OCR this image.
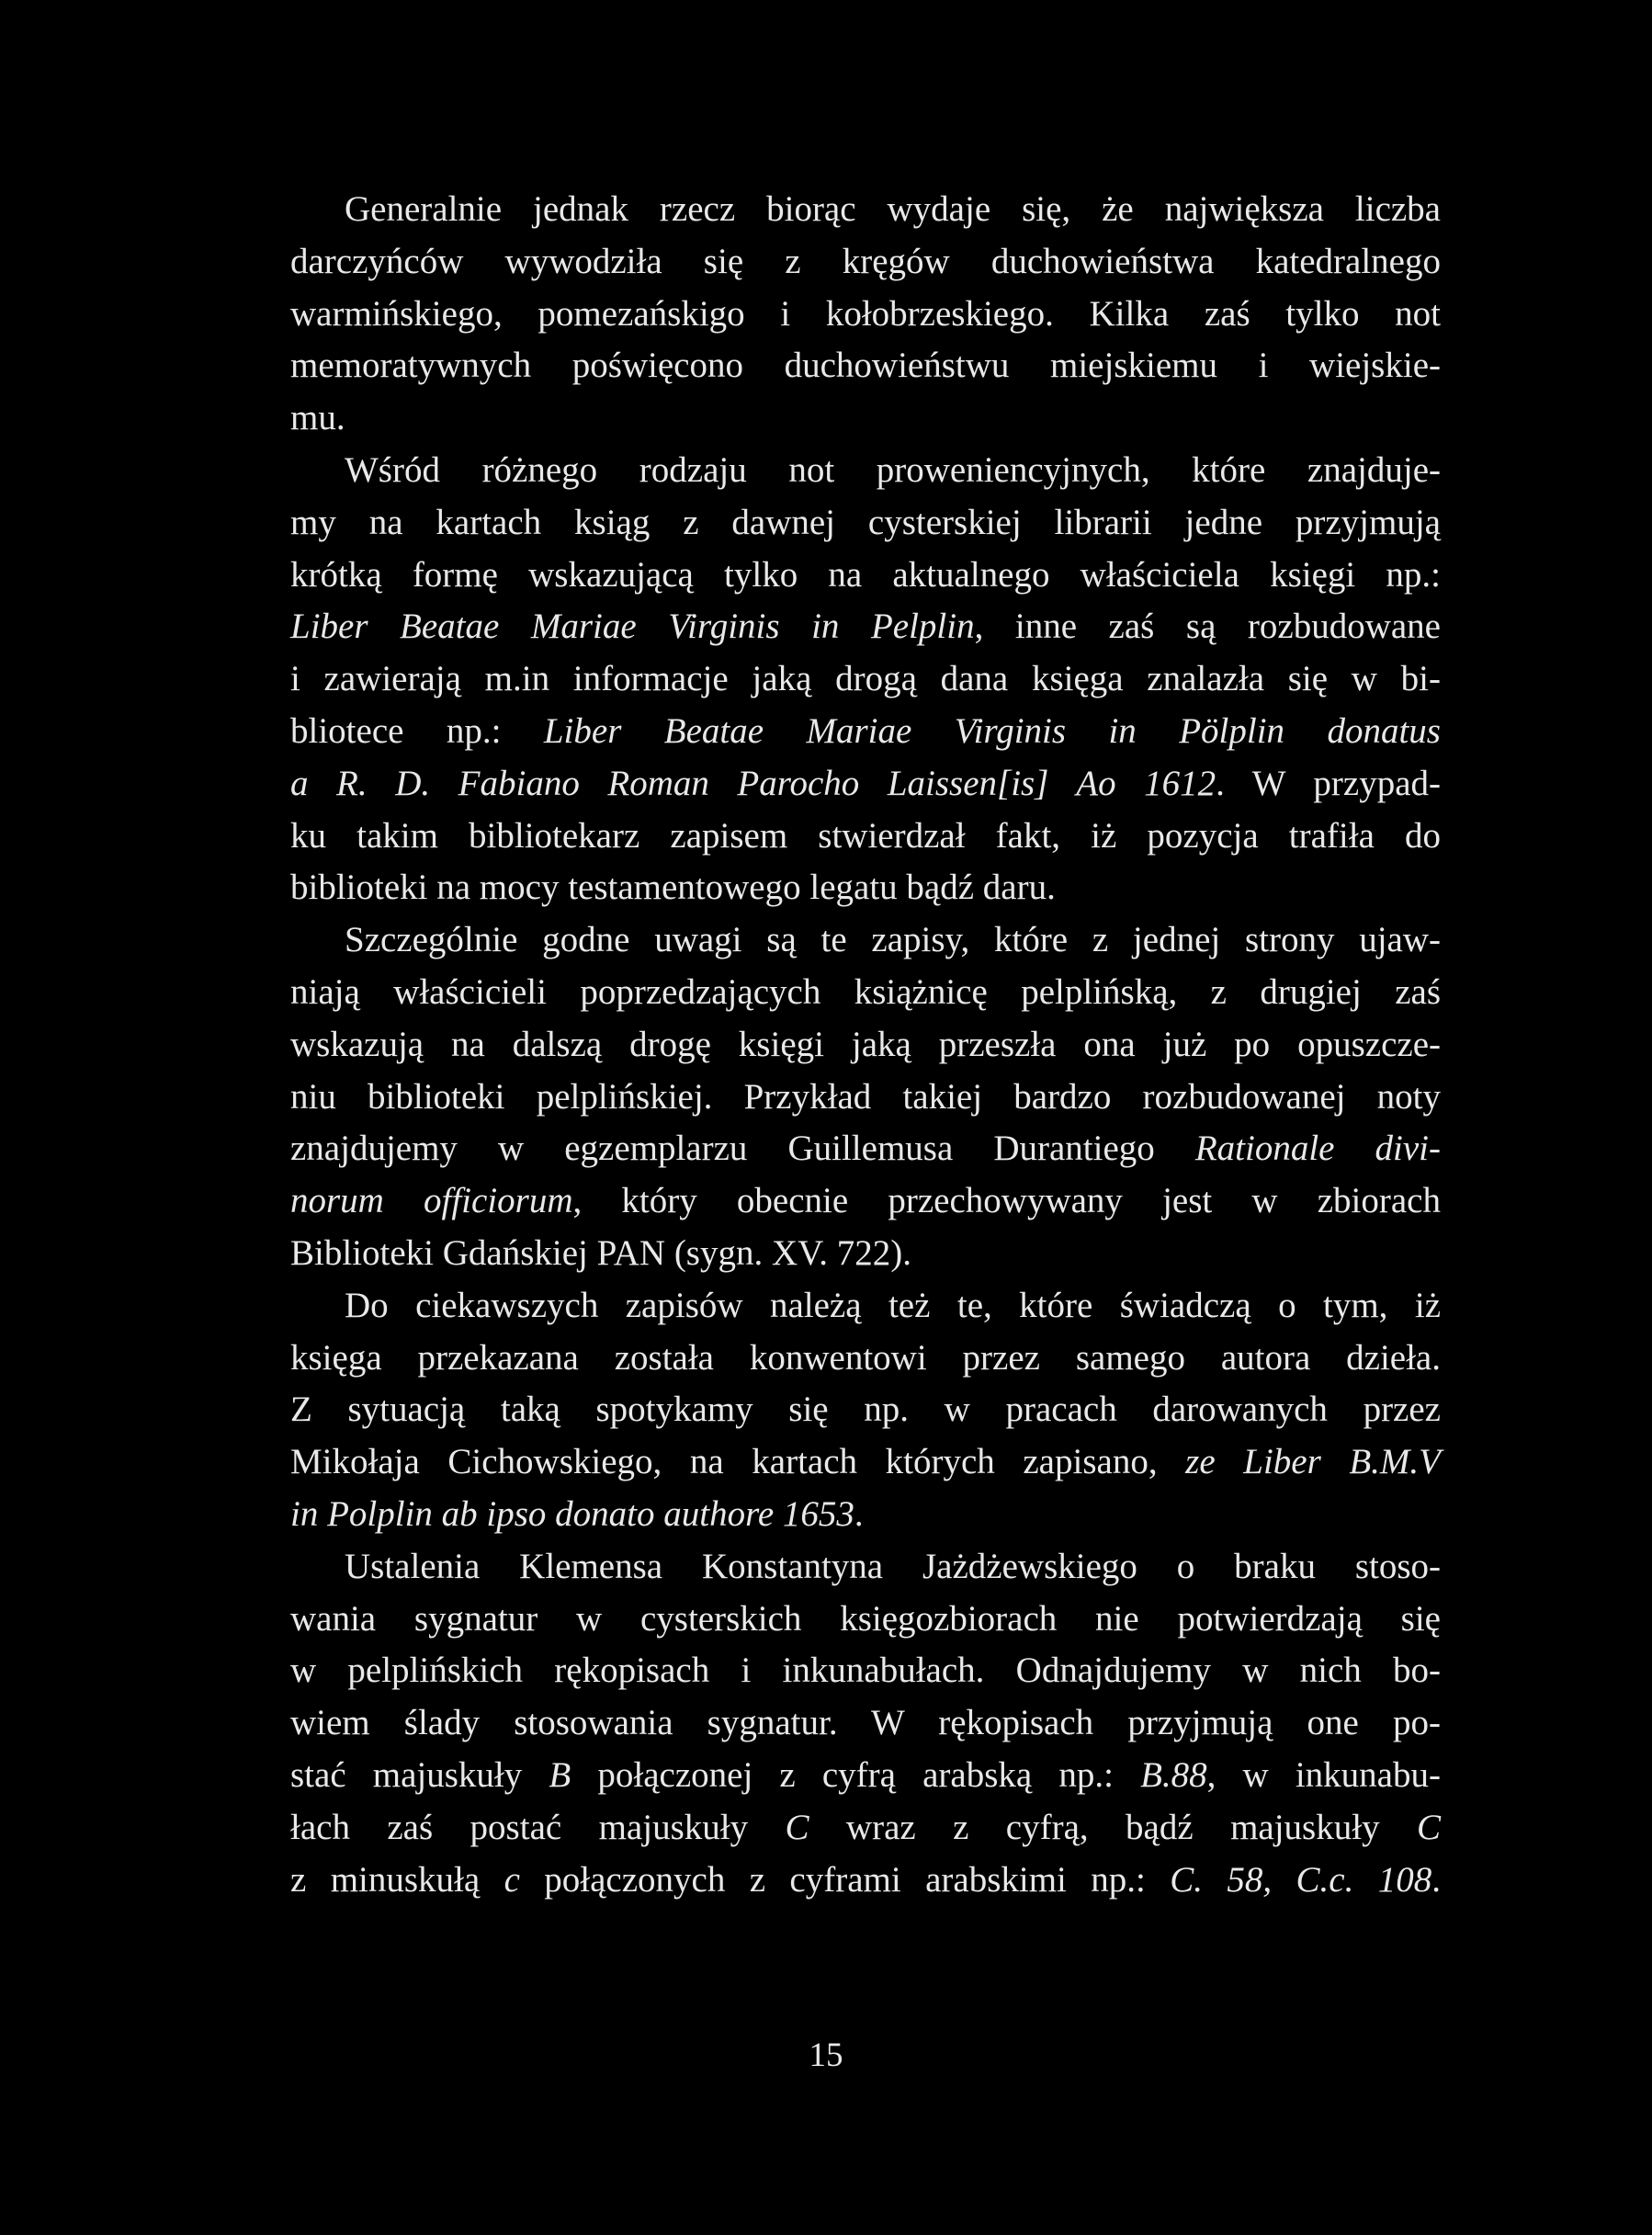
Generalnie jednak rzecz biorąc wydaje się, że największa liczba
darczyńców wywodziła się z kręgów duchowieństwa katedralnego
warmińskiego, pomezańskigo i kołobrzeskiego. Kilka zaś tylko not
memoratywnych poświęcono duchowieństwu miejskiemu i wiejskie-
mu.
Wśród różnego rodzaju not proweniencyjnych, które znajduje-
my na kartach ksiąg z dawnej cysterskiej librarii jedne przyjmują
krótką formę wskazującą tylko na aktualnego właściciela księgi np.:
Liber Beatae Mariae Virginis in Pelplin, inne zaś są rozbudowane
i zawierają m.in informacje jaką drogą dana księga znalazła się w bi-
bliotece np.: Liber Beatae Mariae Virginis in Pölplin donatus
a R. D. Fabiano Roman Parocho Laissen[is] Ao 1612. W przypad-
ku takim bibliotekarz zapisem stwierdzał fakt, iż pozycja trafiła do
biblioteki na mocy testamentowego legatu bądź daru.
Szczególnie godne uwagi są te zapisy, które z jednej strony ujaw-
niają właścicieli poprzedzających książnicę pelplińską, z drugiej zaś
wskazują na dalszą drogę księgi jaką przeszła ona już po opuszcze-
niu biblioteki pelplińskiej. Przykład takiej bardzo rozbudowanej noty
znajdujemy w egzemplarzu Guillemusa Durantiego Rationale divi-
norum officiorum, który obecnie przechowywany jest w zbiorach
Biblioteki Gdańskiej PAN (sygn. XV. 722).
Do ciekawszych zapisów należą też te, które świadczą o tym, iż
księga przekazana została konwentowi przez samego autora dzieła.
Z sytuacją taką spotykamy się np. w pracach darowanych przez
Mikołaja Cichowskiego, na kartach których zapisano, ze Liber B.M.V
in Polplin ab ipso donato authore 1653.
Ustalenia Klemensa Konstantyna Jażdżewskiego o braku stoso-
wania sygnatur w cysterskich księgozbiorach nie potwierdzają się
w pelplińskich rękopisach i inkunabułach. Odnajdujemy w nich bo-
wiem ślady stosowania sygnatur. W rękopisach przyjmują one po-
stać majuskuły B połączonej z cyfrą arabską np.: B.88, w inkunabu-
łach zaś postać majuskuły C wraz z cyfrą, bądź majuskuły C
z minuskułą c połączonych z cyframi arabskimi np.: C. 58, C.c. 108.
15
